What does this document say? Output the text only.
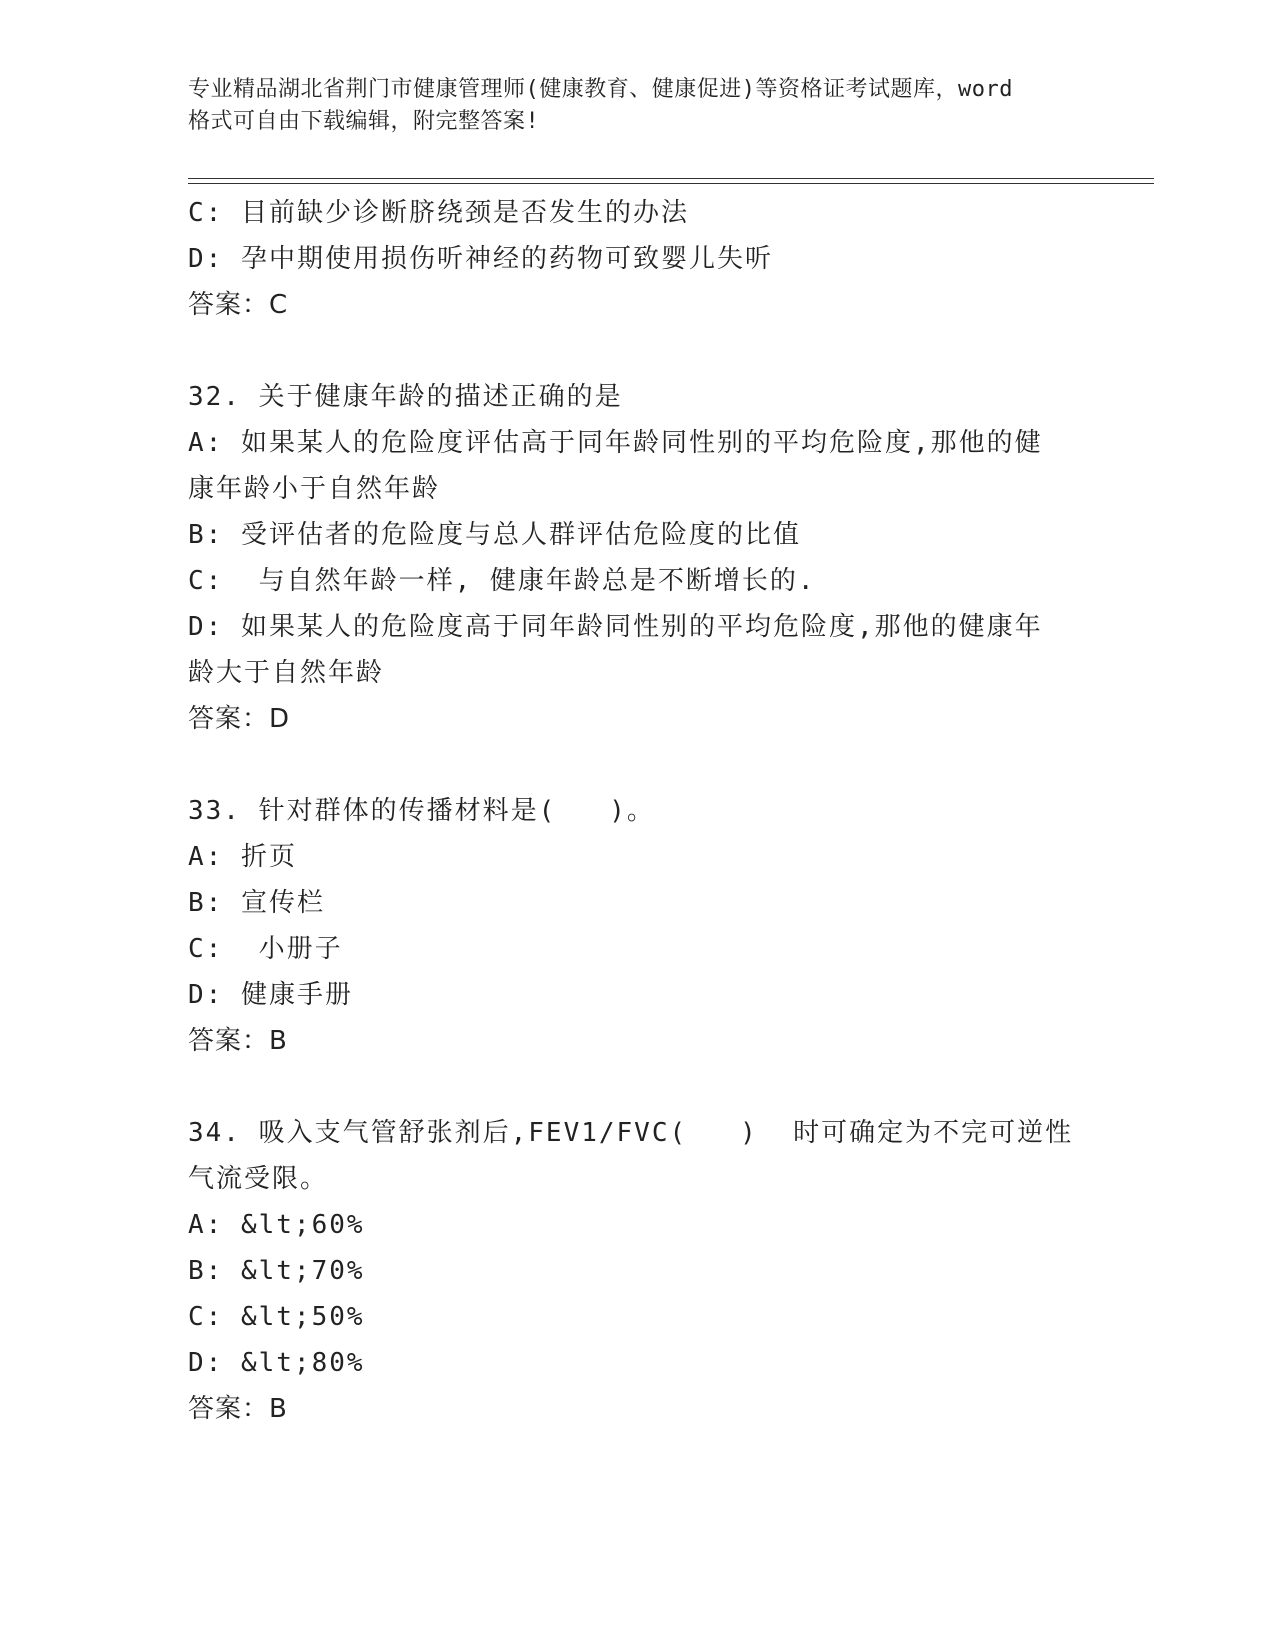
专业精品湖北省荆门市健康管理师(健康教育、健康促进)等资格证考试题库，word
格式可自由下载编辑，附完整答案!
C: 目前缺少诊断脐绕颈是否发生的办法
D: 孕中期使用损伤听神经的药物可致婴儿失听
答案：C
32. 关于健康年龄的描述正确的是
A: 如果某人的危险度评估高于同年龄同性别的平均危险度,那他的健
康年龄小于自然年龄
B: 受评估者的危险度与总人群评估危险度的比值
C:  与自然年龄一样, 健康年龄总是不断增长的.
D: 如果某人的危险度高于同年龄同性别的平均危险度,那他的健康年
龄大于自然年龄
答案：D
33. 针对群体的传播材料是(   )。
A: 折页
B: 宣传栏
C:  小册子
D: 健康手册
答案：B
34. 吸入支气管舒张剂后,FEV1/FVC(   )  时可确定为不完可逆性
气流受限。
A: &lt;60%
B: &lt;70%
C: &lt;50%
D: &lt;80%
答案：B
